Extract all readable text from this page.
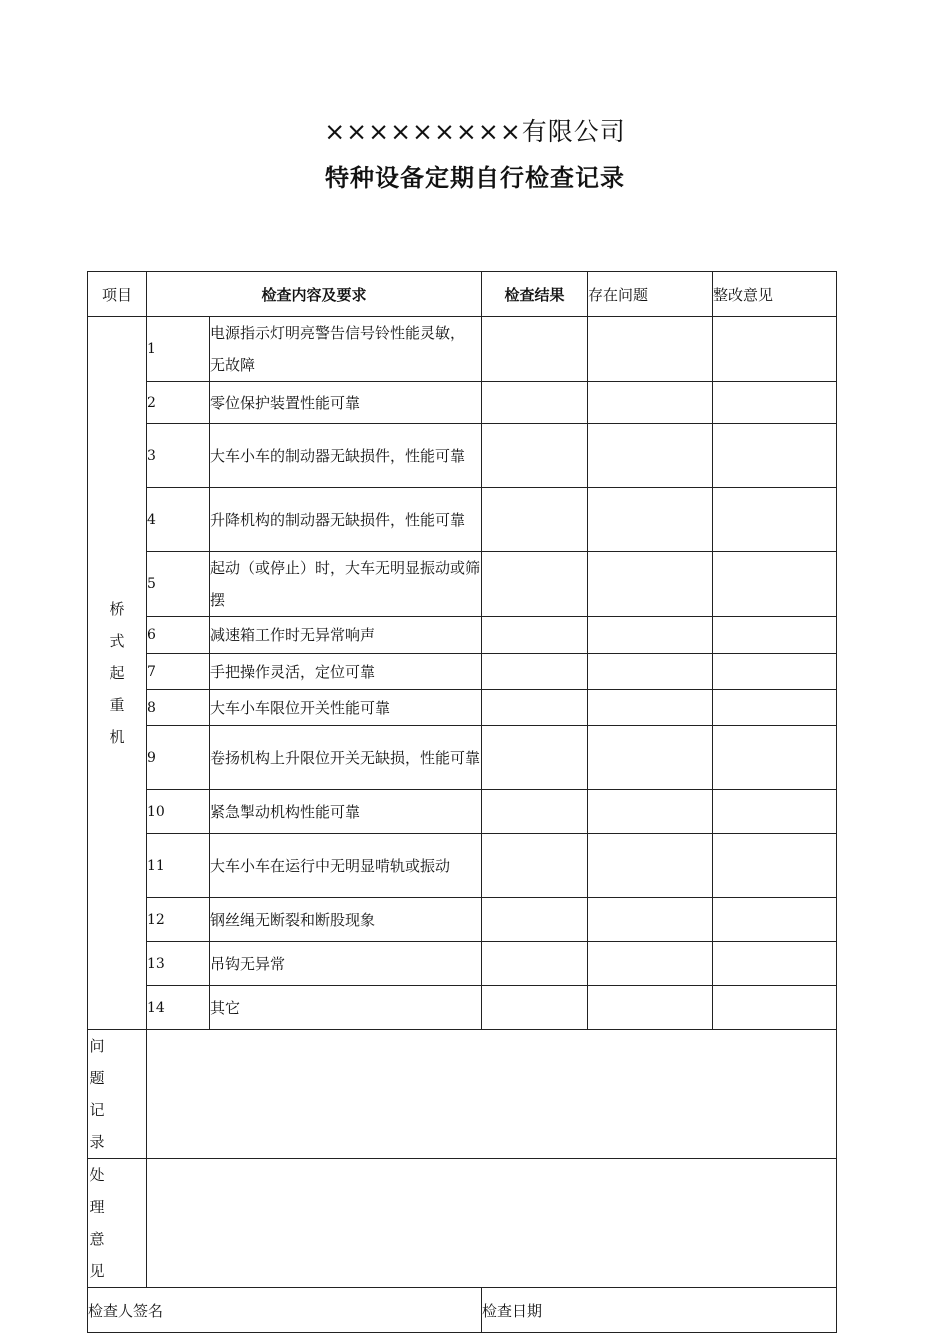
×××××××××有限公司
特种设备定期自行检查记录
项目	检查内容及要求		检查结果	存在问题	整改意见
桥式起重机	1	电源指示灯明亮警告信号铃性能灵敏，　无故障			
	2	零位保护装置性能可靠			
	3	大车小车的制动器无缺损件，性能可靠			
	4	升降机构的制动器无缺损件，性能可靠			
	5	起动（或停止）时，大车无明显振动或筛摆			
	6	减速箱工作时无异常响声			
	7	手把操作灵活，定位可靠			
	8	大车小车限位开关性能可靠			
	9	卷扬机构上升限位开关无缺损，性能可靠			
	10	紧急掣动机构性能可靠			
	11	大车小车在运行中无明显啃轨或振动			
	12	钢丝绳无断裂和断股现象			
	13	吊钩无异常			
	14	其它			
问题记录					
处理意见					
检查人签名			检查日期		
